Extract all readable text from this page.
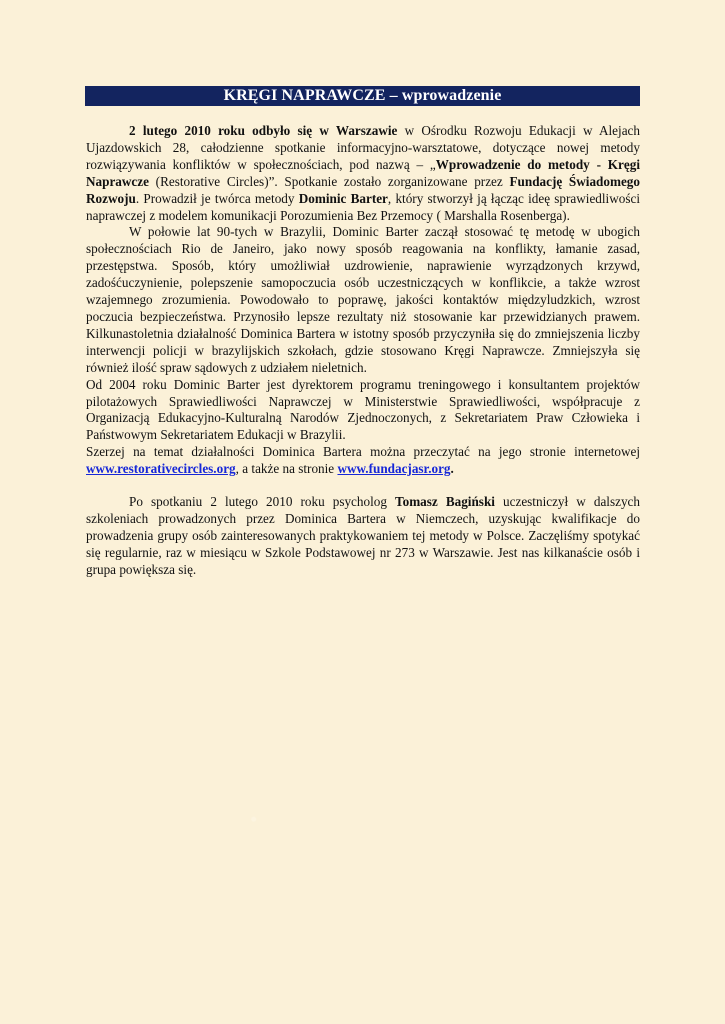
KRĘGI NAPRAWCZE – wprowadzenie

2 lutego 2010 roku odbyło się w Warszawie w Ośrodku Rozwoju Edukacji w Alejach Ujazdowskich 28, całodzienne spotkanie informacyjno-warsztatowe, dotyczące nowej metody rozwiązywania konfliktów w społecznościach, pod nazwą – „Wprowadzenie do metody - Kręgi Naprawcze (Restorative Circles)”. Spotkanie zostało zorganizowane przez Fundację Świadomego Rozwoju. Prowadził je twórca metody Dominic Barter, który stworzył ją łącząc ideę sprawiedliwości naprawczej z modelem komunikacji Porozumienia Bez Przemocy ( Marshalla Rosenberga).

W połowie lat 90-tych w Brazylii, Dominic Barter zaczął stosować tę metodę w ubogich społecznościach Rio de Janeiro, jako nowy sposób reagowania na konflikty, łamanie zasad, przestępstwa. Sposób, który umożliwiał uzdrowienie, naprawienie wyrządzonych krzywd, zadośćuczynienie, polepszenie samopoczucia osób uczestniczących w konflikcie, a także wzrost wzajemnego zrozumienia. Powodowało to poprawę, jakości kontaktów międzyludzkich, wzrost poczucia bezpieczeństwa. Przynosiło lepsze rezultaty niż stosowanie kar przewidzianych prawem. Kilkunastoletnia działalność Dominica Bartera w istotny sposób przyczyniła się do zmniejszenia liczby interwencji policji w brazylijskich szkołach, gdzie stosowano Kręgi Naprawcze. Zmniejszyła się również ilość spraw sądowych z udziałem nieletnich.

Od 2004 roku Dominic Barter jest dyrektorem programu treningowego i konsultantem projektów pilotażowych Sprawiedliwości Naprawczej w Ministerstwie Sprawiedliwości, współpracuje z Organizacją Edukacyjno-Kulturalną Narodów Zjednoczonych, z Sekretariatem Praw Człowieka i Państwowym Sekretariatem Edukacji w Brazylii.

Szerzej na temat działalności Dominica Bartera można przeczytać na jego stronie internetowej www.restorativecircles.org, a także na stronie www.fundacjasr.org.

Po spotkaniu 2 lutego 2010 roku psycholog Tomasz Bagiński uczestniczył w dalszych szkoleniach prowadzonych przez Dominica Bartera w Niemczech, uzyskując kwalifikacje do prowadzenia grupy osób zainteresowanych praktykowaniem tej metody w Polsce. Zaczęliśmy spotykać się regularnie, raz w miesiącu w Szkole Podstawowej nr 273 w Warszawie. Jest nas kilkanaście osób i grupa powiększa się.
